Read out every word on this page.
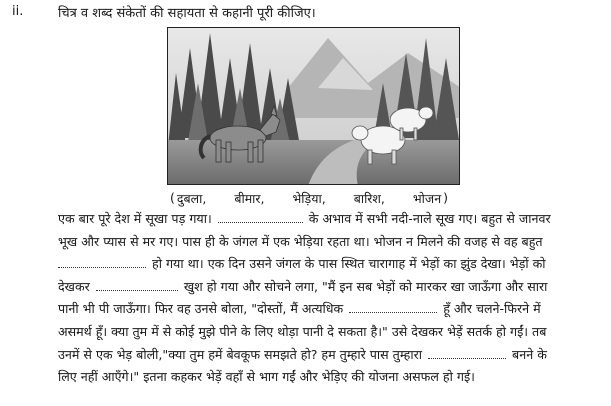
ii.	चित्र व शब्द संकेतों की सहायता से कहानी पूरी कीजिए।
( दुबला, बीमार, भेड़िया, बारिश, भोजन )
एक बार पूरे देश में सूखा पड़ गया।	के अभाव में सभी नदी-नाले सूख गए। बहुत से जानवर
भूख और प्यास से मर गए। पास ही के जंगल में एक भेड़िया रहता था। भोजन न मिलने की वजह से वह बहुत
हो गया था। एक दिन उसने जंगल के पास स्थित चारागाह में भेड़ों का झुंड देखा। भेड़ों को
देखकर	खुश हो गया और सोचने लगा, "मैं इन सब भेड़ों को मारकर खा जाऊँगा और सारा
पानी भी पी जाऊँगा। फिर वह उनसे बोला, "दोस्तों, मैं अत्यधिक	हूँ और चलने-फिरने में
असमर्थ हूँ। क्या तुम में से कोई मुझे पीने के लिए थोड़ा पानी दे सकता है।" उसे देखकर भेड़ें सतर्क हो गईं। तब
उनमें से एक भेड़ बोली,"क्या तुम हमें बेवकूफ समझते हो? हम तुम्हारे पास तुम्हारा	बनने के
लिए नहीं आएँगे।" इतना कहकर भेड़ें वहाँ से भाग गईं और भेड़िए की योजना असफल हो गई।
